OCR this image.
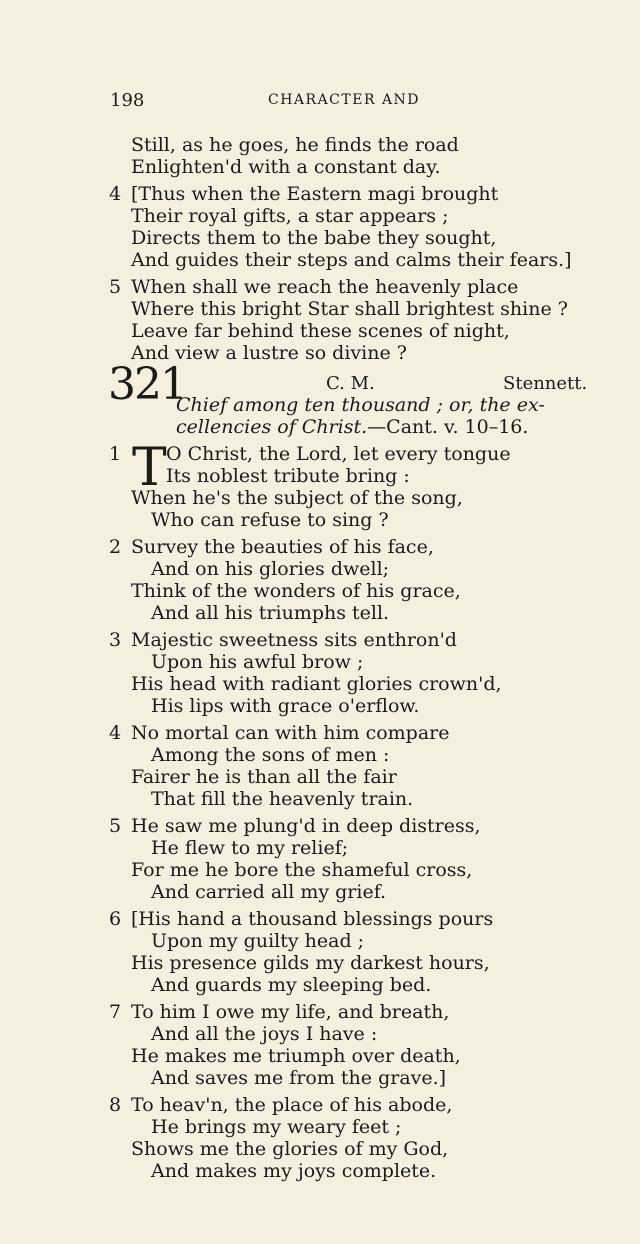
198	CHARACTER AND
Still, as he goes, he finds the road
Enlighten'd with a constant day.
4 [Thus when the Eastern magi brought
Their royal gifts, a star appears ;
Directs them to the babe they sought,
And guides their steps and calms their fears.]
5 When shall we reach the heavenly place
Where this bright Star shall brightest shine ?
Leave far behind these scenes of night,
And view a lustre so divine ?
321	C. M.	Stennett.
Chief among ten thousand ; or, the ex-
cellencies of Christ.—Cant. v. 10–16.
1 T O Christ, the Lord, let every tongue
Its noblest tribute bring :
When he's the subject of the song,
Who can refuse to sing ?
2 Survey the beauties of his face,
And on his glories dwell;
Think of the wonders of his grace,
And all his triumphs tell.
3 Majestic sweetness sits enthron'd
Upon his awful brow ;
His head with radiant glories crown'd,
His lips with grace o'erflow.
4 No mortal can with him compare
Among the sons of men :
Fairer he is than all the fair
That fill the heavenly train.
5 He saw me plung'd in deep distress,
He flew to my relief;
For me he bore the shameful cross,
And carried all my grief.
6 [His hand a thousand blessings pours
Upon my guilty head ;
His presence gilds my darkest hours,
And guards my sleeping bed.
7 To him I owe my life, and breath,
And all the joys I have :
He makes me triumph over death,
And saves me from the grave.]
8 To heav'n, the place of his abode,
He brings my weary feet ;
Shows me the glories of my God,
And makes my joys complete.
